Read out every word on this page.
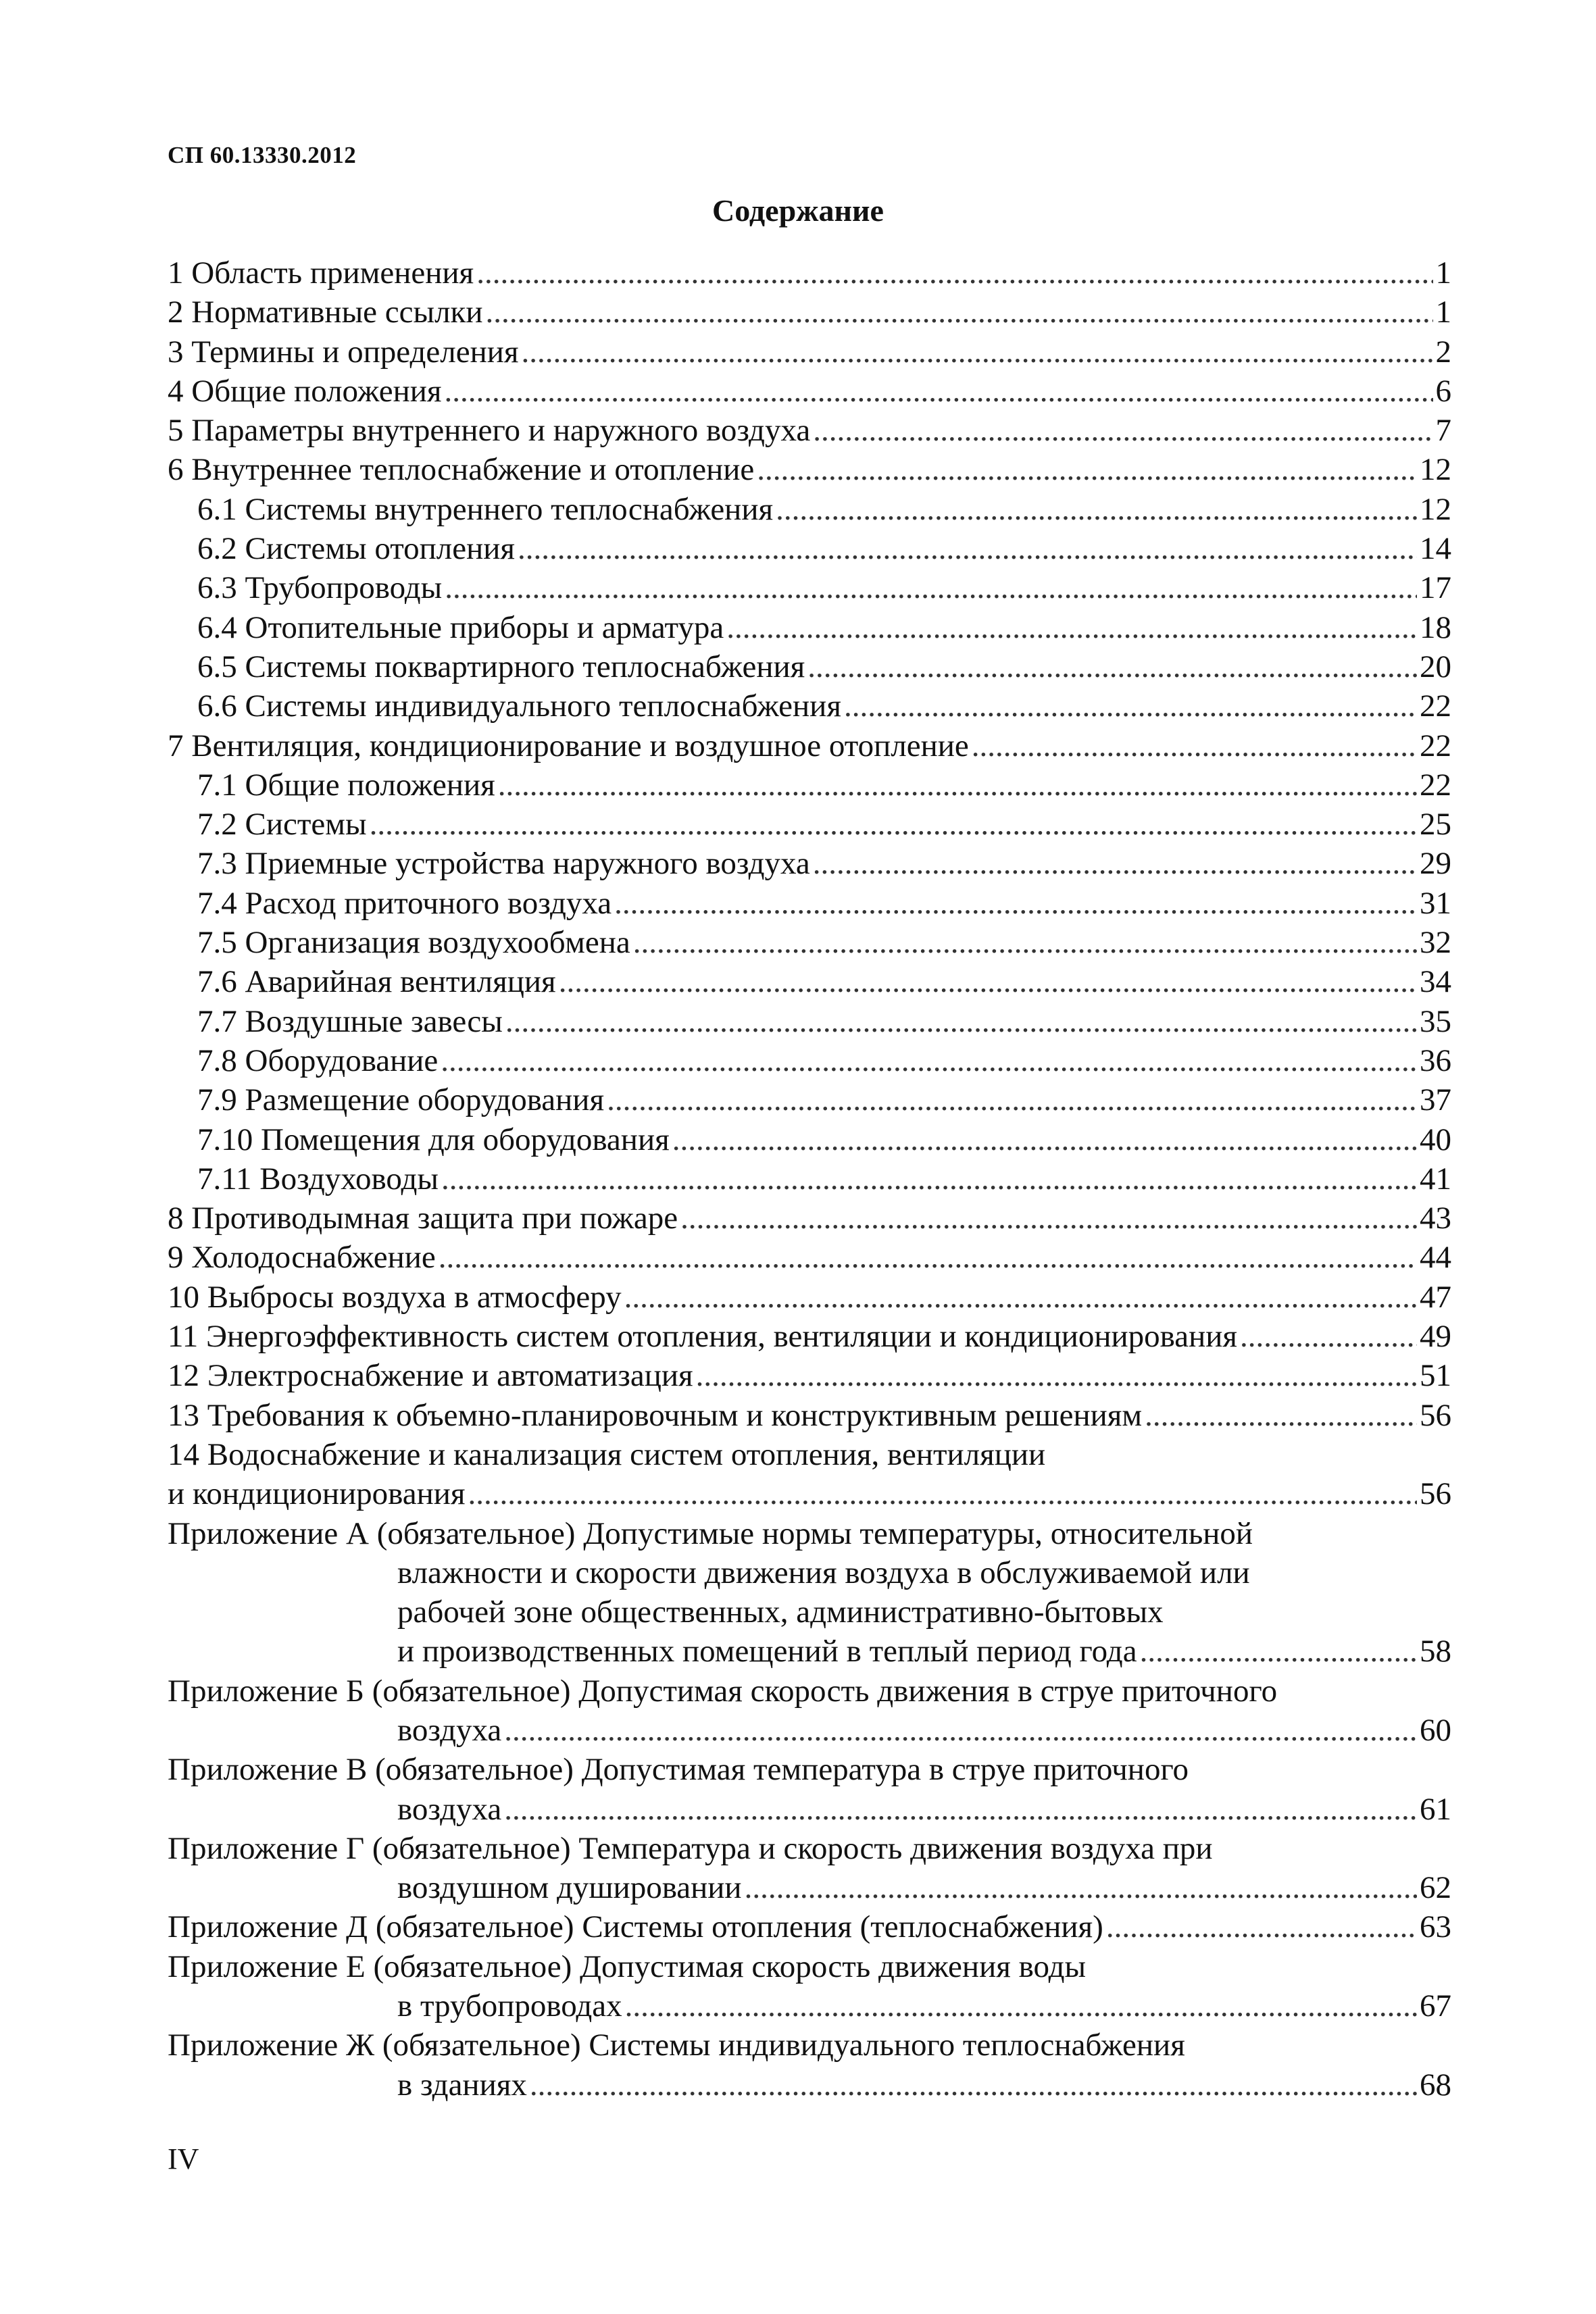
СП 60.13330.2012
Содержание
1 Область применения .....	1
2 Нормативные ссылки .....	1
3 Термины и определения .....	2
4 Общие положения .....	6
5 Параметры внутреннего и наружного воздуха .....	7
6 Внутреннее теплоснабжение и отопление .....	12
6.1 Системы внутреннего теплоснабжения .....	12
6.2 Системы отопления .....	14
6.3 Трубопроводы .....	17
6.4 Отопительные приборы и арматура .....	18
6.5 Системы поквартирного теплоснабжения .....	20
6.6 Системы индивидуального теплоснабжения .....	22
7 Вентиляция, кондиционирование и воздушное отопление .....	22
7.1 Общие положения .....	22
7.2 Системы .....	25
7.3 Приемные устройства наружного воздуха .....	29
7.4 Расход приточного воздуха .....	31
7.5 Организация воздухообмена .....	32
7.6 Аварийная вентиляция .....	34
7.7 Воздушные завесы .....	35
7.8 Оборудование .....	36
7.9 Размещение оборудования .....	37
7.10 Помещения для оборудования .....	40
7.11 Воздуховоды .....	41
8 Противодымная защита при пожаре .....	43
9 Холодоснабжение .....	44
10 Выбросы воздуха в атмосферу .....	47
11 Энергоэффективность систем отопления, вентиляции и кондиционирования .....	49
12 Электроснабжение и автоматизация .....	51
13 Требования к объемно-планировочным и конструктивным решениям .....	56
14 Водоснабжение и канализация систем отопления, вентиляции
и кондиционирования .....	56
Приложение А (обязательное) Допустимые нормы температуры, относительной
влажности и скорости движения воздуха в обслуживаемой или
рабочей зоне общественных, административно-бытовых
и производственных помещений в теплый период года .....	58
Приложение Б (обязательное) Допустимая скорость движения в струе приточного
воздуха .....	60
Приложение В (обязательное) Допустимая температура в струе приточного
воздуха .....	61
Приложение Г (обязательное) Температура и скорость движения воздуха при
воздушном душировании .....	62
Приложение Д (обязательное) Системы отопления (теплоснабжения) .....	63
Приложение Е (обязательное) Допустимая скорость движения воды
в трубопроводах .....	67
Приложение Ж (обязательное) Системы индивидуального теплоснабжения
в зданиях .....	68
IV
